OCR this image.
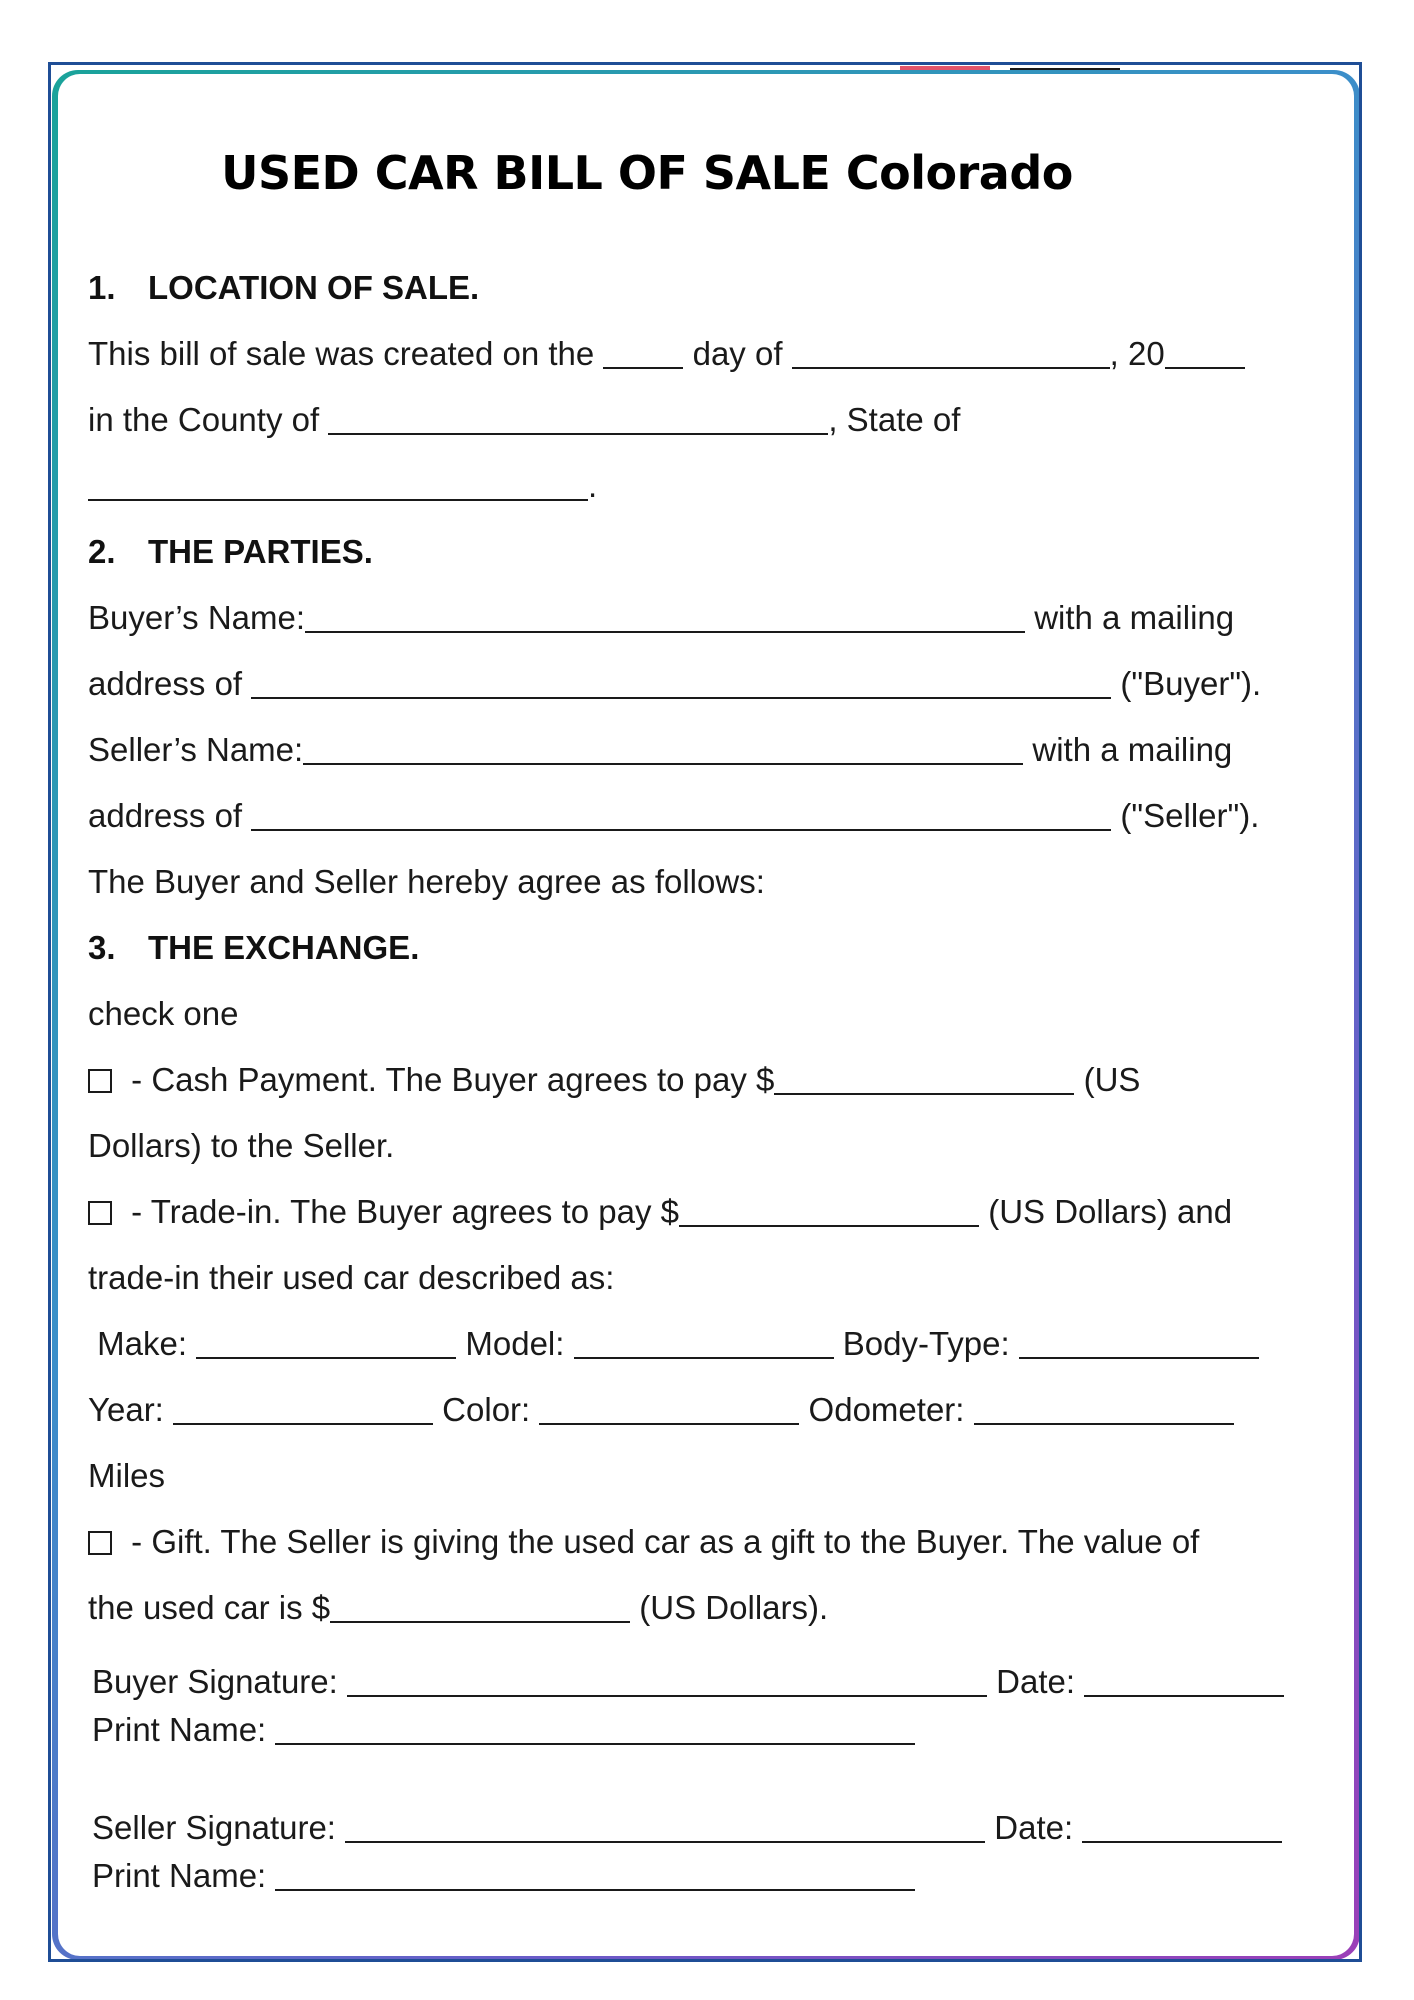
USED CAR BILL OF SALE Colorado
1. LOCATION OF SALE.
This bill of sale was created on the  day of	, 20
in the County of	, State of
.
2. THE PARTIES.
Buyer’s Name:	with a mailing
address of	("Buyer").
Seller’s Name:	with a mailing
address of	("Seller").
The Buyer and Seller hereby agree as follows:
3. THE EXCHANGE.
check one
- Cash Payment. The Buyer agrees to pay $	(US
Dollars) to the Seller.
- Trade-in. The Buyer agrees to pay $	(US Dollars) and
trade-in their used car described as:
Make:	Model:	Body-Type:
Year:	Color:	Odometer:
Miles
- Gift. The Seller is giving the used car as a gift to the Buyer. The value of
the used car is $	(US Dollars).
Buyer Signature:	Date:
Print Name:
Seller Signature:	Date:
Print Name:
